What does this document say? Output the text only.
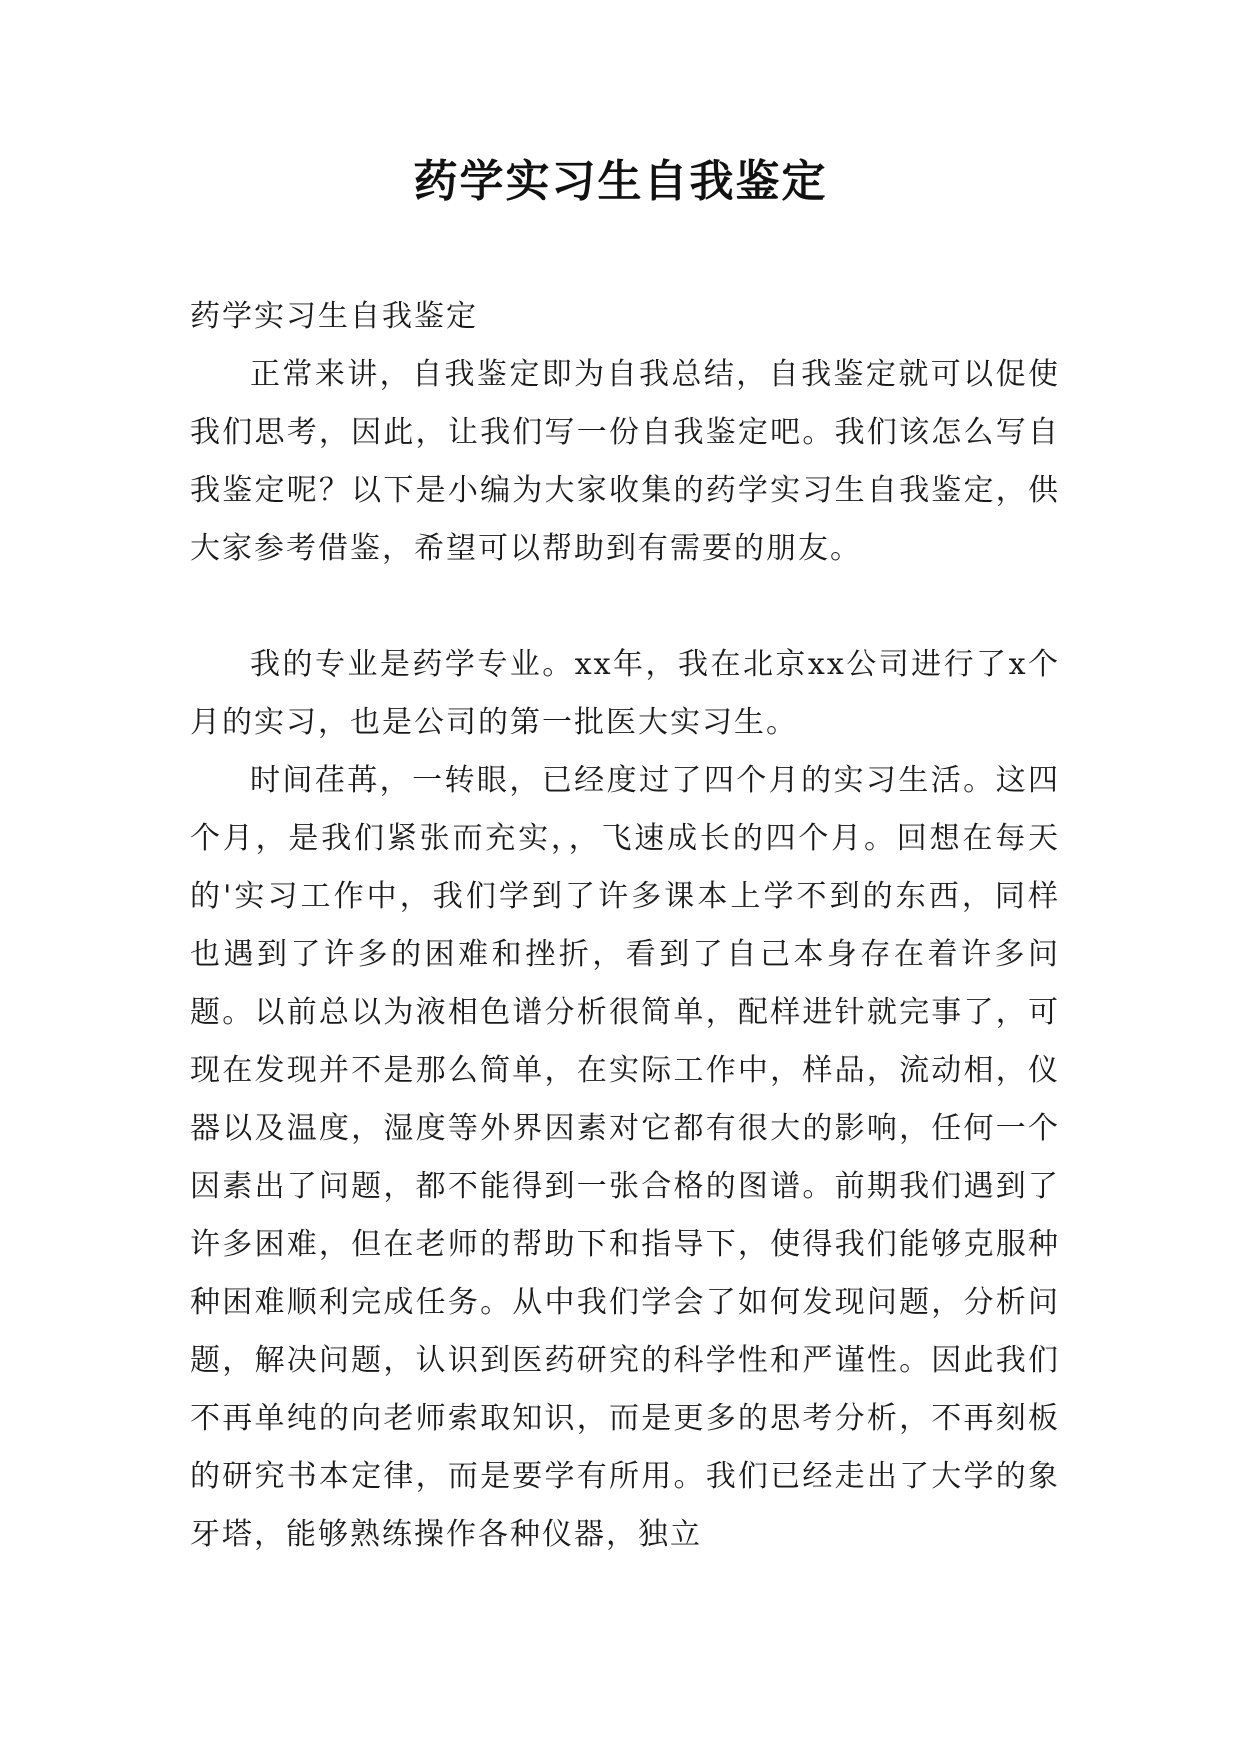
药学实习生自我鉴定

药学实习生自我鉴定

正常来讲，自我鉴定即为自我总结，自我鉴定就可以促使我们思考，因此，让我们写一份自我鉴定吧。我们该怎么写自我鉴定呢？以下是小编为大家收集的药学实习生自我鉴定，供大家参考借鉴，希望可以帮助到有需要的朋友。

我的专业是药学专业。xx年，我在北京xx公司进行了x个月的实习，也是公司的第一批医大实习生。

时间荏苒，一转眼，已经度过了四个月的实习生活。这四个月，是我们紧张而充实，，飞速成长的四个月。回想在每天的'实习工作中，我们学到了许多课本上学不到的东西，同样也遇到了许多的困难和挫折，看到了自己本身存在着许多问题。以前总以为液相色谱分析很简单，配样进针就完事了，可现在发现并不是那么简单，在实际工作中，样品，流动相，仪器以及温度，湿度等外界因素对它都有很大的影响，任何一个因素出了问题，都不能得到一张合格的图谱。前期我们遇到了许多困难，但在老师的帮助下和指导下，使得我们能够克服种种困难顺利完成任务。从中我们学会了如何发现问题，分析问题，解决问题，认识到医药研究的科学性和严谨性。因此我们不再单纯的向老师索取知识，而是更多的思考分析，不再刻板的研究书本定律，而是要学有所用。我们已经走出了大学的象牙塔，能够熟练操作各种仪器，独立
